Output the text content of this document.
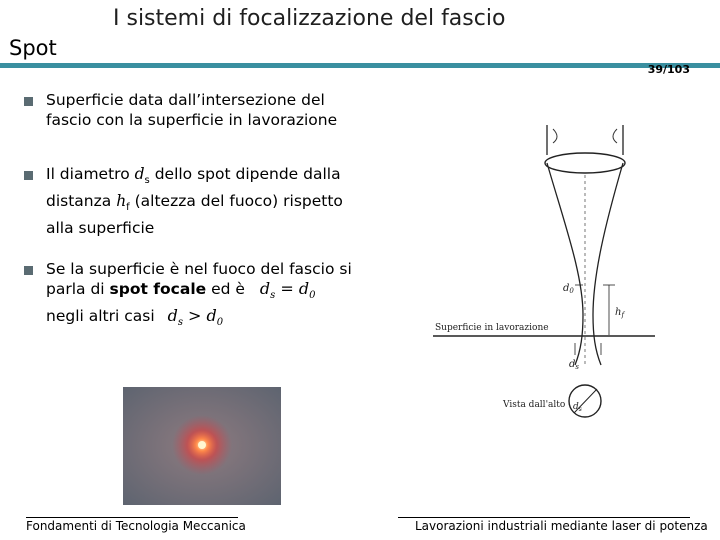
I sistemi di focalizzazione del fascio
Spot
39/103
Superficie data dall’intersezione del fascio con la superficie in lavorazione
Il diametro $d_s$ dello spot dipende dalla
distanza $h_f$ (altezza del fuoco) rispetto
alla superficie
Se la superficie è nel fuoco del fascio si
parla di spot focale ed è $d_s = d_0$
negli altri casi $d_s > d_0$
$d_0$
$h_f$
Superficie in lavorazione
$d_s$
$d_s$
Vista dall'alto
Fondamenti di Tecnologia Meccanica	Lavorazioni industriali mediante laser di potenza
